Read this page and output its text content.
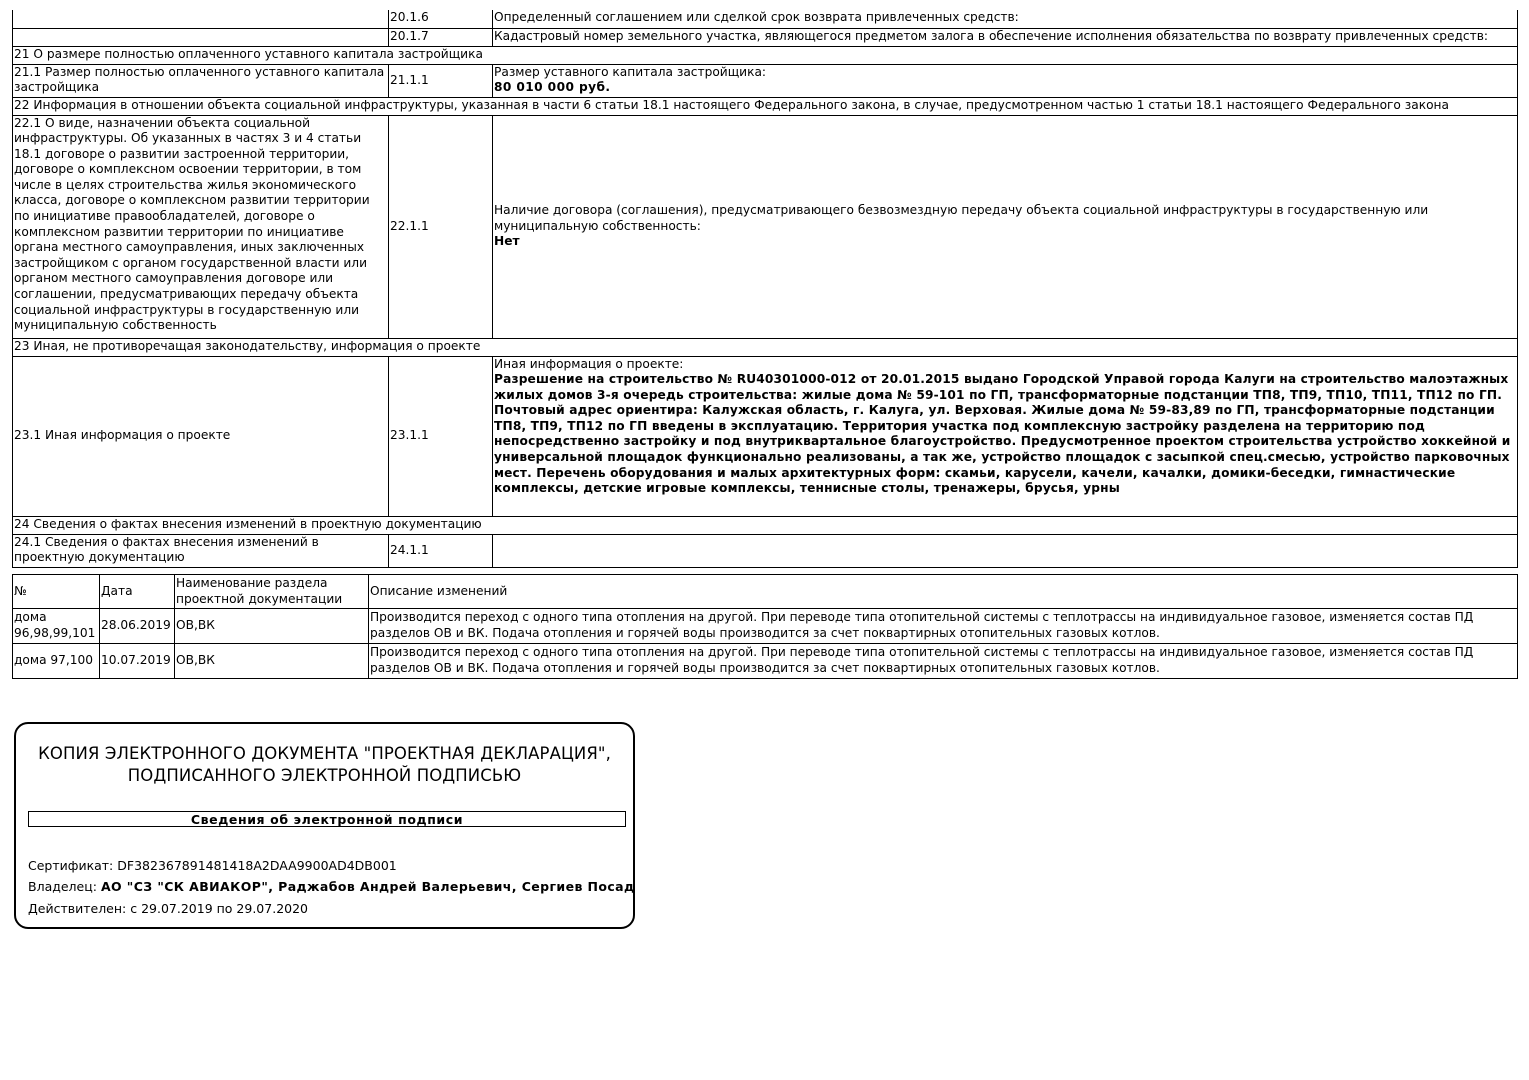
	20.1.6	Определенный соглашением или сделкой срок возврата привлеченных средств:
	20.1.7	Кадастровый номер земельного участка, являющегося предметом залога в обеспечение исполнения обязательства по возврату привлеченных средств:
21 О размере полностью оплаченного уставного капитала застройщика		
21.1 Размер полностью оплаченного уставного капитала застройщика	21.1.1	Размер уставного капитала застройщика:
80 010 000 руб.

22 Информация в отношении объекта социальной инфраструктуры, указанная в части 6 статьи 18.1 настоящего Федерального закона, в случае, предусмотренном частью 1 статьи 18.1 настоящего Федерального закона		
22.1 О виде, назначении объекта социальной инфраструктуры. Об указанных в частях 3 и 4 статьи 18.1 договоре о развитии застроенной территории, договоре о комплексном освоении территории, в том числе в целях строительства жилья экономического класса, договоре о комплексном развитии территории по инициативе правообладателей, договоре о комплексном развитии территории по инициативе органа местного самоуправления, иных заключенных застройщиком с органом государственной власти или органом местного самоуправления договоре или соглашении, предусматривающих передачу объекта социальной инфраструктуры в государственную или муниципальную собственность	22.1.1	Наличие договора (соглашения), предусматривающего безвозмездную передачу объекта социальной инфраструктуры в государственную или муниципальную собственность:
Нет

23 Иная, не противоречащая законодательству, информация о проекте		
23.1 Иная информация о проекте	23.1.1	Иная информация о проекте:
Разрешение на строительство № RU40301000-012 от 20.01.2015 выдано Городской Управой города Калуги на строительство малоэтажных жилых домов 3-я очередь строительства: жилые дома № 59-101 по ГП, трансформаторные подстанции ТП8, ТП9, ТП10, ТП11, ТП12 по ГП. Почтовый адрес ориентира: Калужская область, г. Калуга, ул. Верховая. Жилые дома № 59-83,89 по ГП, трансформаторные подстанции ТП8, ТП9, ТП12 по ГП введены в эксплуатацию. Территория участка под комплексную застройку разделена на территорию под непосредственно застройку и под внутриквартальное благоустройство. Предусмотренное проектом строительства устройство хоккейной и универсальной площадок функционально реализованы, а так же, устройство площадок с засыпкой спец.смесью, устройство парковочных мест. Перечень оборудования и малых архитектурных форм: скамьи, карусели, качели, качалки, домики-беседки, гимнастические комплексы, детские игровые комплексы, теннисные столы, тренажеры, брусья, урны

24 Сведения о фактах внесения изменений в проектную документацию		
24.1 Сведения о фактах внесения изменений в проектную документацию	24.1.1	
№	Дата	Наименование раздела проектной документации	Описание изменений
дома 96,98,99,101	28.06.2019	ОВ,ВК	Производится переход с одного типа отопления на другой. При переводе типа отопительной системы с теплотрассы на индивидуальное газовое, изменяется состав ПД разделов ОВ и ВК. Подача отопления и горячей воды производится за счет поквартирных отопительных газовых котлов.
дома 97,100	10.07.2019	ОВ,ВК	Производится переход с одного типа отопления на другой. При переводе типа отопительной системы с теплотрассы на индивидуальное газовое, изменяется состав ПД разделов ОВ и ВК. Подача отопления и горячей воды производится за счет поквартирных отопительных газовых котлов.
КОПИЯ ЭЛЕКТРОННОГО ДОКУМЕНТА "ПРОЕКТНАЯ ДЕКЛАРАЦИЯ",
ПОДПИСАННОГО ЭЛЕКТРОННОЙ ПОДПИСЬЮ
Сведения об электронной подписи
Сертификат: DF382367891481418A2DAA9900AD4DB001
Владелец: АО "СЗ "СК АВИАКОР", Раджабов Андрей Валерьевич, Сергиев Посад
Действителен: с 29.07.2019 по 29.07.2020
